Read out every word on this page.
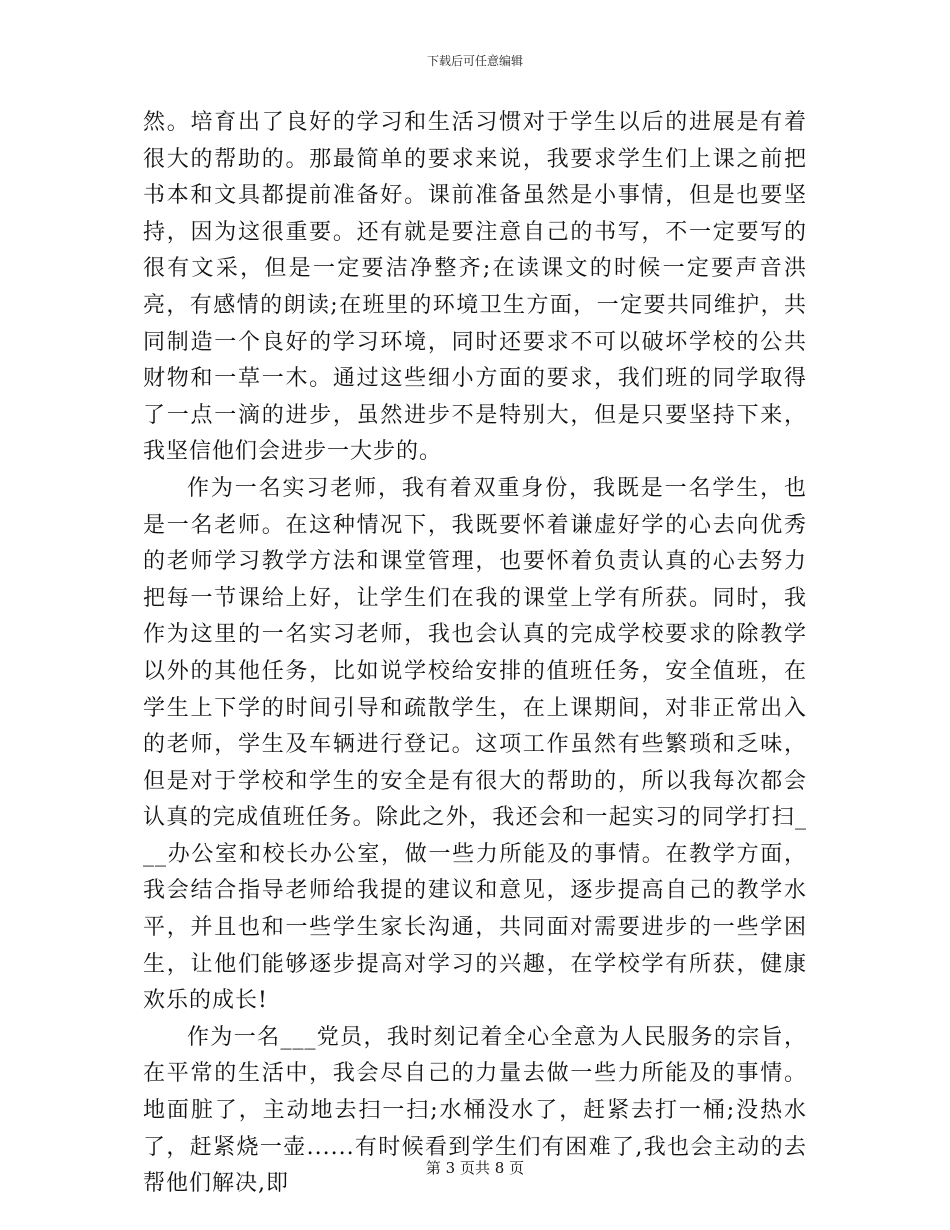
下载后可任意编辑

然。培育出了良好的学习和生活习惯对于学生以后的进展是有着很大的帮助的。那最简单的要求来说，我要求学生们上课之前把书本和文具都提前准备好。课前准备虽然是小事情，但是也要坚持，因为这很重要。还有就是要注意自己的书写，不一定要写的很有文采，但是一定要洁净整齐;在读课文的时候一定要声音洪亮，有感情的朗读;在班里的环境卫生方面，一定要共同维护，共同制造一个良好的学习环境，同时还要求不可以破坏学校的公共财物和一草一木。通过这些细小方面的要求，我们班的同学取得了一点一滴的进步，虽然进步不是特别大，但是只要坚持下来，我坚信他们会进步一大步的。

作为一名实习老师，我有着双重身份，我既是一名学生，也是一名老师。在这种情况下，我既要怀着谦虚好学的心去向优秀的老师学习教学方法和课堂管理，也要怀着负责认真的心去努力把每一节课给上好，让学生们在我的课堂上学有所获。同时，我作为这里的一名实习老师，我也会认真的完成学校要求的除教学以外的其他任务，比如说学校给安排的值班任务，安全值班，在学生上下学的时间引导和疏散学生，在上课期间，对非正常出入的老师，学生及车辆进行登记。这项工作虽然有些繁琐和乏味，但是对于学校和学生的安全是有很大的帮助的，所以我每次都会认真的完成值班任务。除此之外，我还会和一起实习的同学打扫___办公室和校长办公室，做一些力所能及的事情。在教学方面，我会结合指导老师给我提的建议和意见，逐步提高自己的教学水平，并且也和一些学生家长沟通，共同面对需要进步的一些学困生，让他们能够逐步提高对学习的兴趣，在学校学有所获，健康欢乐的成长!

作为一名___党员，我时刻记着全心全意为人民服务的宗旨，在平常的生活中，我会尽自己的力量去做一些力所能及的事情。地面脏了，主动地去扫一扫;水桶没水了，赶紧去打一桶;没热水了，赶紧烧一壶......有时候看到学生们有困难了,我也会主动的去帮他们解决,即

第 3 页共 8 页
